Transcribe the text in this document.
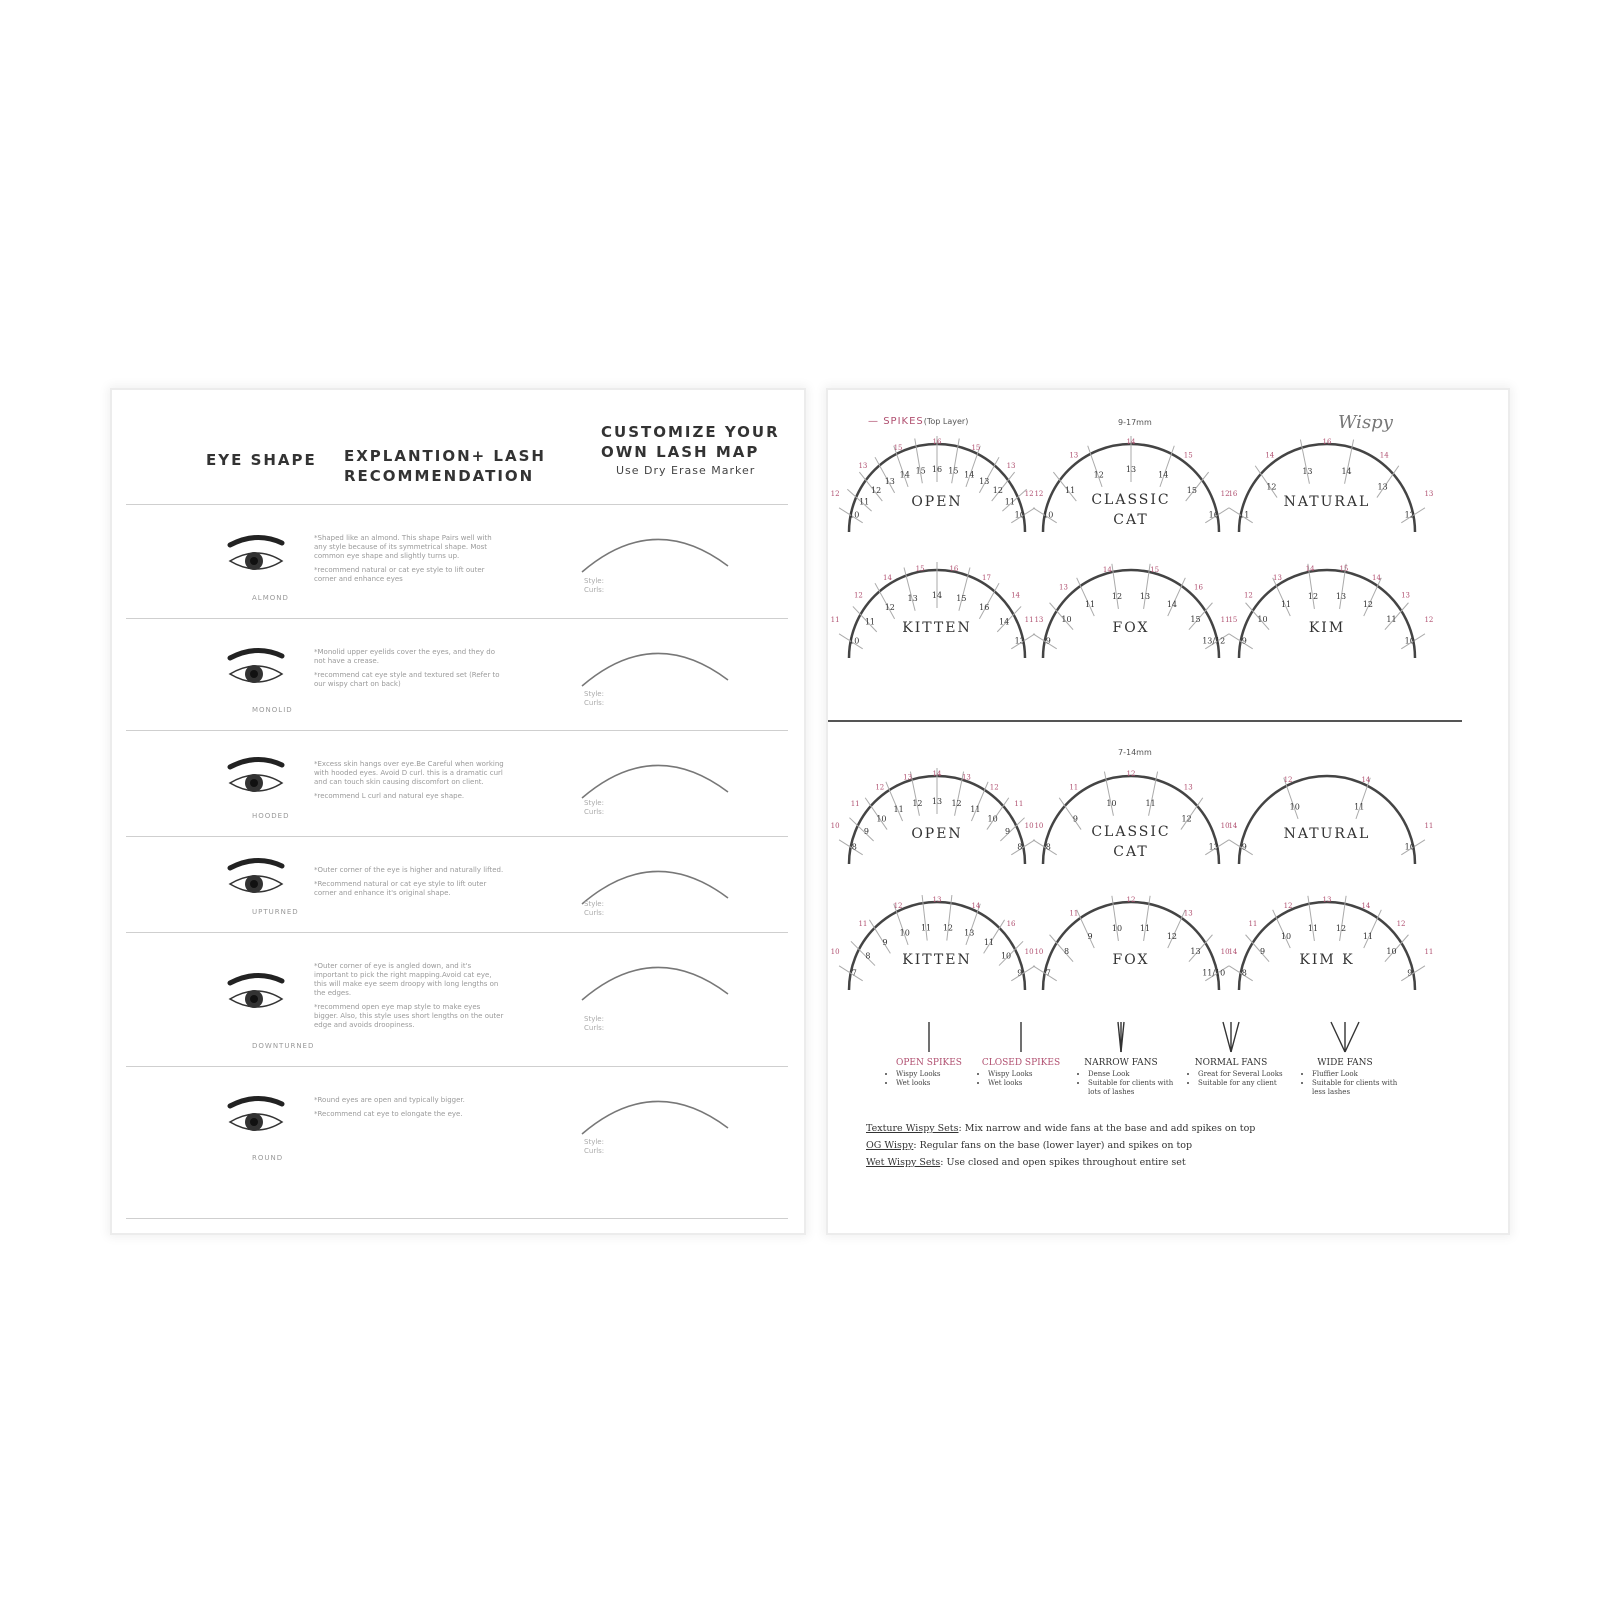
EYE SHAPE EXPLANTION+ LASH
RECOMMENDATION
CUSTOMIZE YOUR
OWN LASH MAP
Use Dry Erase Marker
ALMOND

*Shaped like an almond. This shape Pairs well with any style because of its symmetrical shape. Most common eye shape and slightly turns up.

*recommend natural or cat eye style to lift outer corner and enhance eyes	Style:
Curls:
MONOLID

*Monolid upper eyelids cover the eyes, and they do not have a crease.

*recommend cat eye style and textured set (Refer to our wispy chart on back)

Style:
Curls:
HOODED

*Excess skin hangs over eye.Be Careful when working with hooded eyes. Avoid D curl. this is a dramatic curl and can touch skin causing discomfort on client.

*recommend L curl and natural eye shape.

Style:
Curls:
UPTURNED

*Outer corner of the eye is higher and naturally lifted.

*Recommend natural or cat eye style to lift outer corner and enhance it's original shape.

Style:
Curls:
DOWNTURNED

*Outer corner of eye is angled down, and it's important to pick the right mapping.Avoid cat eye, this will make eye seem droopy with long lengths on the edges.

*recommend open eye map style to make eyes bigger. Also, this style uses short lengths on the outer edge and avoids droopiness.

Style:
Curls:
ROUND

*Round eyes are open and typically bigger.

*Recommend cat eye to elongate the eye.

Style:
Curls:
— SPIKES(Top Layer)	9-17mm	Wispy
10
11
12
13
14 15 16 15 14
13
12
11
10
12
13
15
16
15
13
12
OPEN
10
11
12
13
14
15
16
12
13
14
15
16
CLASSIC
CAT	11
12
13	14
13
12
12
14
16
14
13
NATURAL
10
11
12
13 14 15
16
14
13
11
12
14
15	16
17
14
13
KITTEN
9
10
11
12 13
14
15
13/12
11
13
14	15
16
15
FOX
9
10
11
12 13
12
11
10
11
12
13
14	15
14
13
12
KIM
7-14mm
8
9
10
11
12 13 12
11
10
9
8
10
11
12
13	14	13
12
11
10
OPEN
8
9
10	11
12
13
10
11
12
13
14
CLASSIC
CAT	9
10	11
10
10
12	14
11
NATURAL
7
8
9
10
11 12
13
11
10
9
10
11
12
13
14
16
10
KITTEN
7
8
9
10 11
12
13
11/10
10
11
12
13
14
FOX
8
9
10
11 12
11
10
9
10
11
12
13
14
12
11
KIM K
OPEN SPIKES
• Wispy Looks
• Wet looks
CLOSED SPIKES
• Wispy Looks
• Wet looks
NARROW FANS
• Dense Look
• Suitable for clients with lots of lashes
NORMAL FANS
• Great for Several Looks
• Suitable for any client
WIDE FANS
• Fluffier Look
• Suitable for clients with less lashes
Texture Wispy Sets: Mix narrow and wide fans at the base and add spikes on top
OG Wispy: Regular fans on the base (lower layer) and spikes on top
Wet Wispy Sets: Use closed and open spikes throughout entire set
